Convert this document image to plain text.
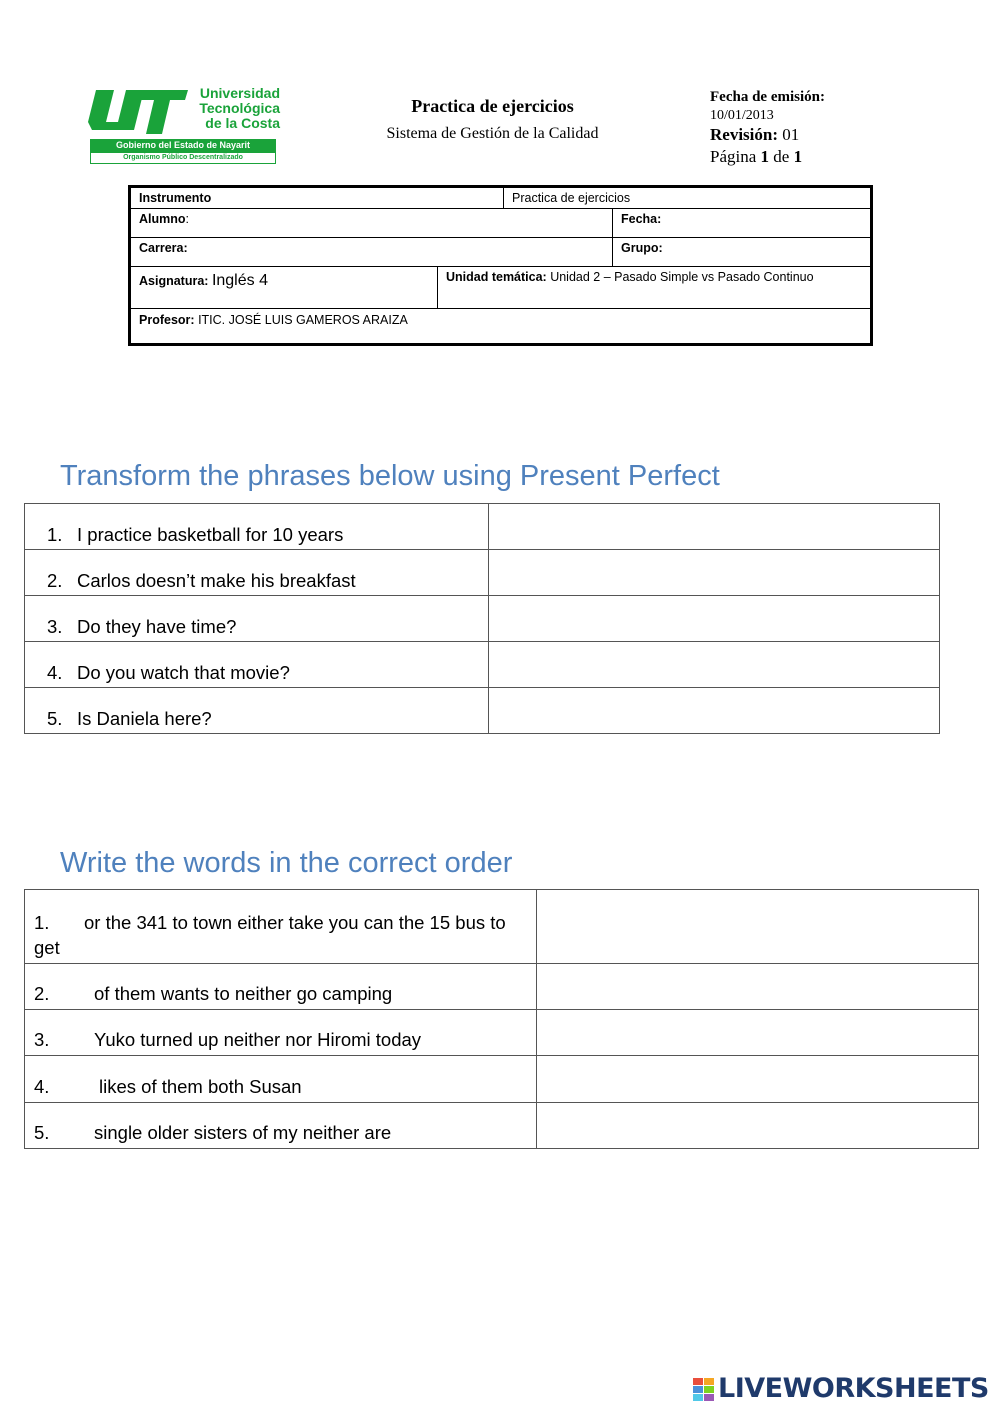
Universidad
Tecnológica
de la Costa
Gobierno del Estado de Nayarit
Organismo Público Descentralizado
Practica de ejercicios
Sistema de Gestión de la Calidad
Fecha de emisión:
10/01/2013
Revisión: 01
Página 1 de 1
Instrumento	Practica de ejercicios
Alumno:	Fecha:
Carrera:	Grupo:
Asignatura: Inglés 4	Unidad temática: Unidad 2 – Pasado Simple vs Pasado Continuo
Profesor: ITIC. JOSÉ LUIS GAMEROS ARAIZA
Transform the phrases below using Present Perfect
1. I practice basketball for 10 years	
2. Carlos doesn’t make his breakfast	
3. Do they have time?	
4. Do you watch that movie?	
5. Is Daniela here?	
Write the words in the correct order
1. or the 341 to town either take you can the 15 bus to get	
2. of them wants to neither go camping	
3. Yuko turned up neither nor Hiromi today	
4. likes of them both Susan	
5. single older sisters of my neither are	
LIVEWORKSHEETS
